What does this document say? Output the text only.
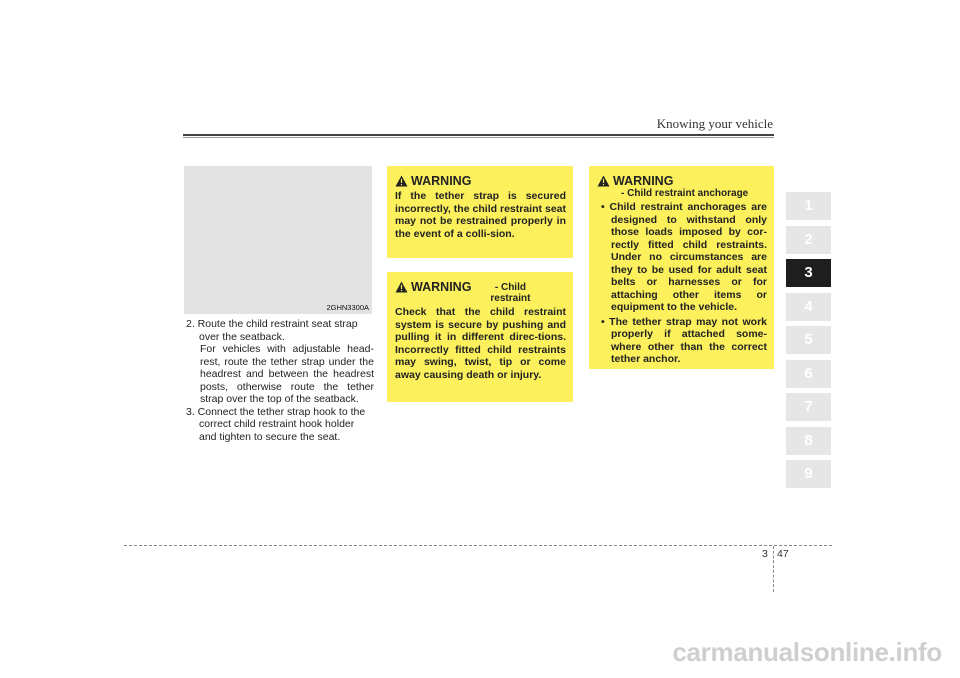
Knowing your vehicle
2GHN3300A
2. Route the child restraint seat strap over the seatback.
For vehicles with adjustable head-rest, route the tether strap under the headrest and between the headrest posts, otherwise route the tether strap over the top of the seatback.
3. Connect the tether strap hook to the correct child restraint hook holder and tighten to secure the seat.
WARNING
If the tether strap is secured incorrectly, the child restraint seat may not be restrained properly in the event of a colli-sion.
WARNING	- Child restraint
Check that the child restraint system is secure by pushing and pulling it in different direc-tions. Incorrectly fitted child restraints may swing, twist, tip or come away causing death or injury.
WARNING
- Child restraint anchorage
• Child restraint anchorages are designed to withstand only those loads imposed by cor-rectly fitted child restraints. Under no circumstances are they to be used for adult seat belts or harnesses or for attaching other items or equipment to the vehicle.
• The tether strap may not work properly if attached some-where other than the correct tether anchor.
1
2
3
4
5
6
7
8
9
3 47
carmanualsonline.info
